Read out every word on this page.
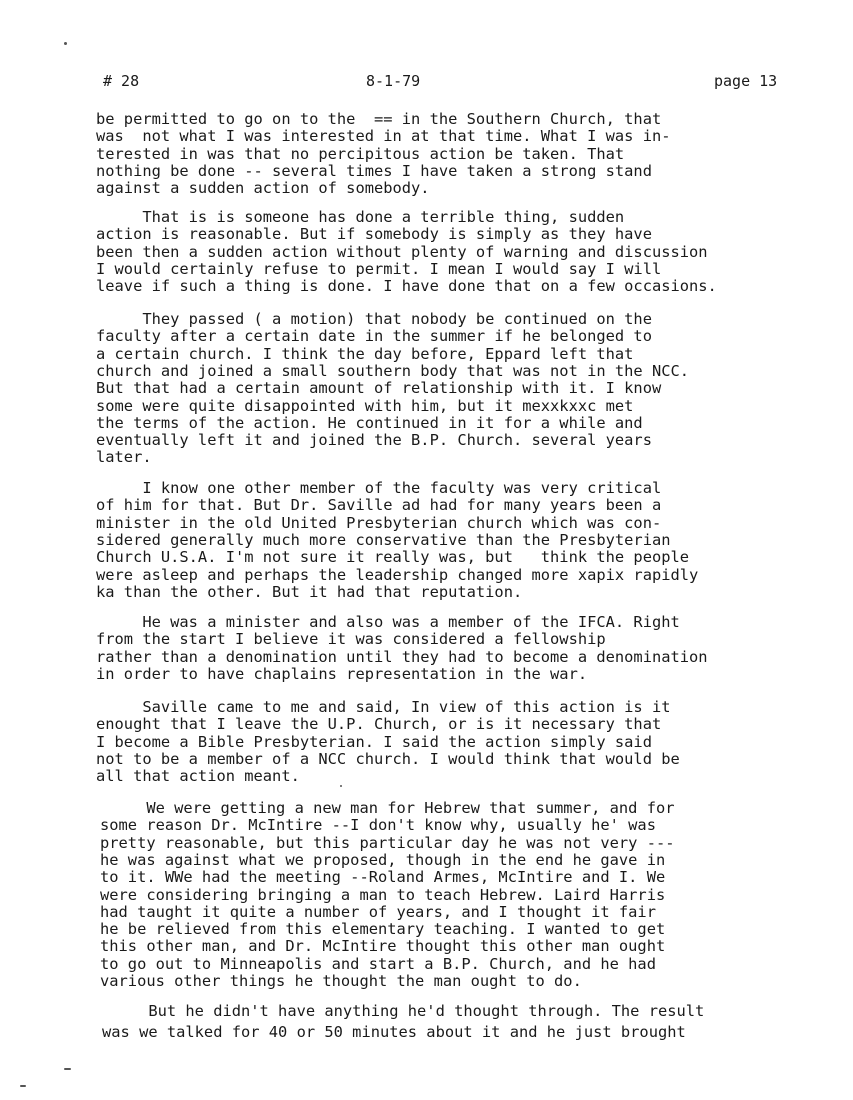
# 28	8-1-79	page 13
be permitted to go on to the  == in the Southern Church, that
was  not what I was interested in at that time. What I was in-
terested in was that no percipitous action be taken. That
nothing be done -- several times I have taken a strong stand
against a sudden action of somebody.
That is is someone has done a terrible thing, sudden
action is reasonable. But if somebody is simply as they have
been then a sudden action without plenty of warning and discussion
I would certainly refuse to permit. I mean I would say I will
leave if such a thing is done. I have done that on a few occasions.
They passed ( a motion) that nobody be continued on the
faculty after a certain date in the summer if he belonged to
a certain church. I think the day before, Eppard left that
church and joined a small southern body that was not in the NCC.
But that had a certain amount of relationship with it. I know
some were quite disappointed with him, but it mexxkxxc met
the terms of the action. He continued in it for a while and
eventually left it and joined the B.P. Church. several years
later.
I know one other member of the faculty was very critical
of him for that. But Dr. Saville ad had for many years been a
minister in the old United Presbyterian church which was con-
sidered generally much more conservative than the Presbyterian
Church U.S.A. I'm not sure it really was, but   think the people
were asleep and perhaps the leadership changed more xapix rapidly
ka than the other. But it had that reputation.
He was a minister and also was a member of the IFCA. Right
from the start I believe it was considered a fellowship
rather than a denomination until they had to become a denomination
in order to have chaplains representation in the war.
Saville came to me and said, In view of this action is it
enought that I leave the U.P. Church, or is it necessary that
I become a Bible Presbyterian. I said the action simply said
not to be a member of a NCC church. I would think that would be
all that action meant.
We were getting a new man for Hebrew that summer, and for
some reason Dr. McIntire --I don't know why, usually he' was
pretty reasonable, but this particular day he was not very ---
he was against what we proposed, though in the end he gave in
to it. WWe had the meeting --Roland Armes, McIntire and I. We
were considering bringing a man to teach Hebrew. Laird Harris
had taught it quite a number of years, and I thought it fair
he be relieved from this elementary teaching. I wanted to get
this other man, and Dr. McIntire thought this other man ought
to go out to Minneapolis and start a B.P. Church, and he had
various other things he thought the man ought to do.
But he didn't have anything he'd thought through. The result
was we talked for 40 or 50 minutes about it and he just brought
